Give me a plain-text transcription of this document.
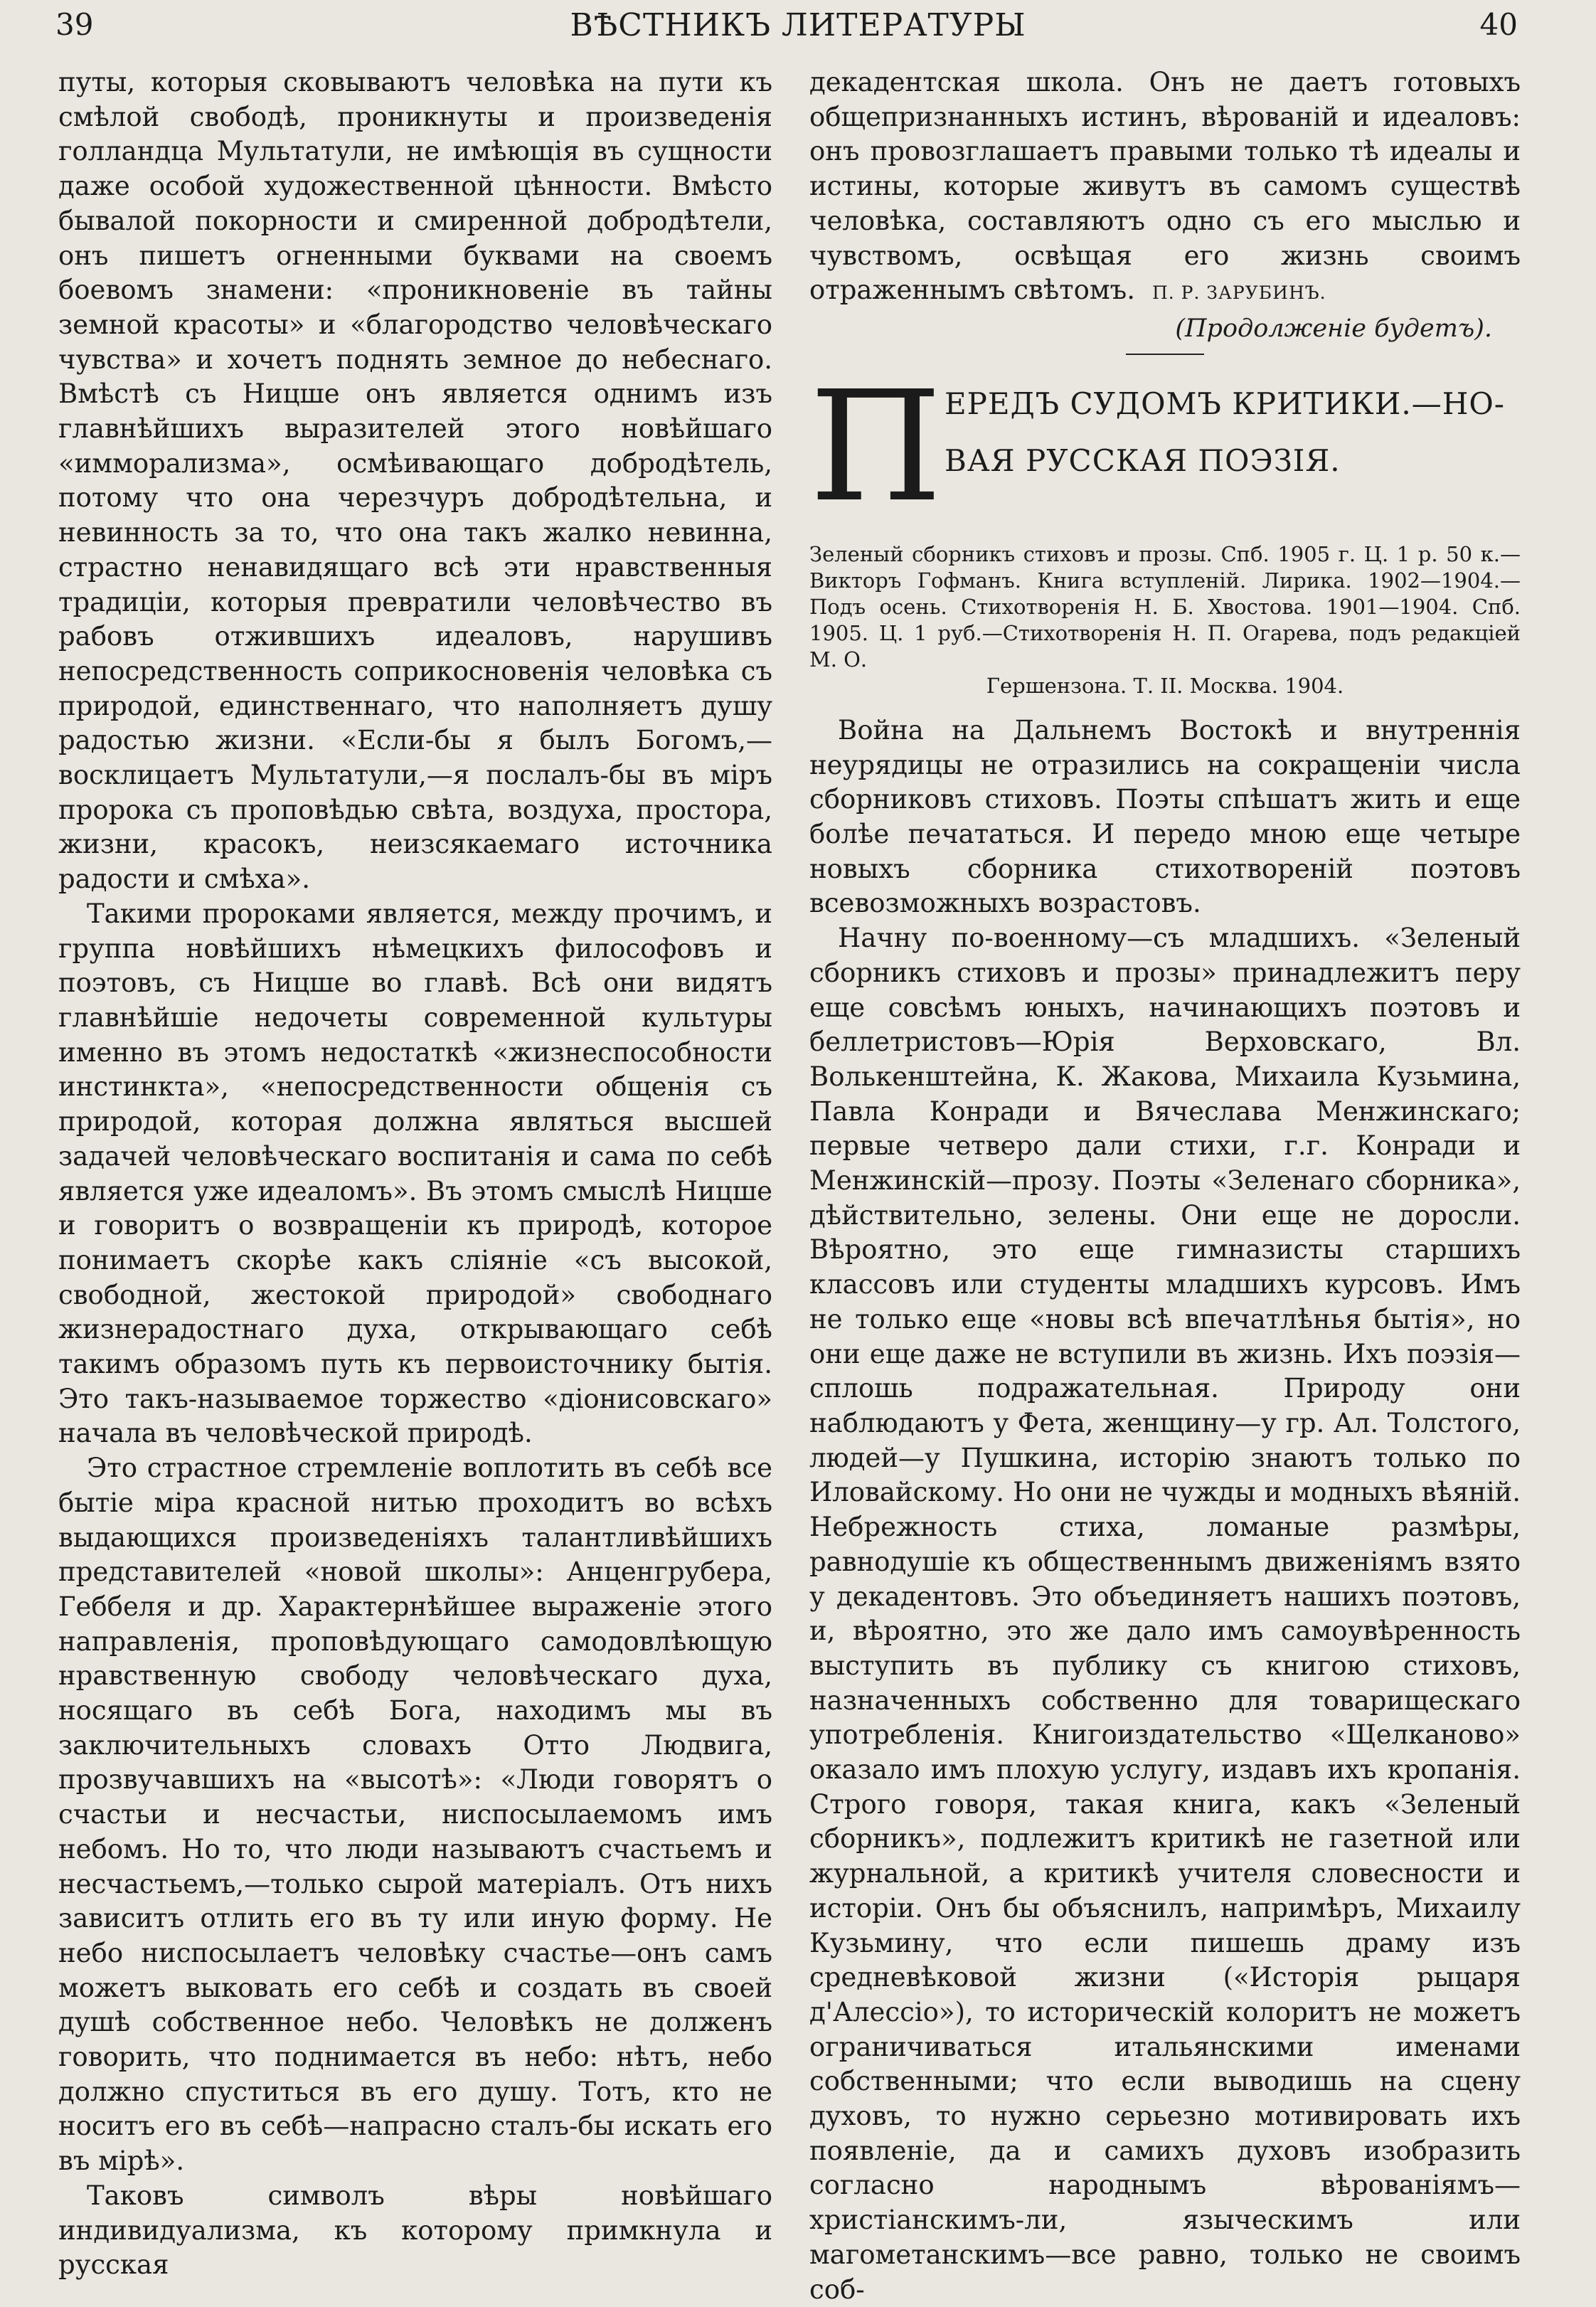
39	ВѢСТНИКЪ ЛИТЕРАТУРЫ	40

путы, которыя сковываютъ человѣка на пути къ смѣлой свободѣ, проникнуты и произведенія голландца Мультатули, не имѣющія въ сущности даже особой художественной цѣнности. Вмѣсто бывалой покорности и смиренной добродѣтели, онъ пишетъ огненными буквами на своемъ боевомъ знамени: «проникновеніе въ тайны земной красоты» и «благородство человѣческаго чувства» и хочетъ поднять земное до небеснаго. Вмѣстѣ съ Ницше онъ является однимъ изъ главнѣйшихъ выразителей этого новѣйшаго «имморализма», осмѣивающаго добродѣтель, потому что она черезчуръ добродѣтельна, и невинность за то, что она такъ жалко невинна, страстно ненавидящаго всѣ эти нравственныя традиціи, которыя превратили человѣчество въ рабовъ отжившихъ идеаловъ, нарушивъ непосредственность соприкосновенія человѣка съ природой, единственнаго, что наполняетъ душу радостью жизни. «Если-бы я былъ Богомъ,—восклицаетъ Мультатули,—я послалъ-бы въ міръ пророка съ проповѣдью свѣта, воздуха, простора, жизни, красокъ, неизсякаемаго источника радости и смѣха».

Такими пророками является, между прочимъ, и группа новѣйшихъ нѣмецкихъ философовъ и поэтовъ, съ Ницше во главѣ. Всѣ они видятъ главнѣйшіе недочеты современной культуры именно въ этомъ недостаткѣ «жизнеспособности инстинкта», «непосредственности общенія съ природой, которая должна являться высшей задачей человѣческаго воспитанія и сама по себѣ является уже идеаломъ». Въ этомъ смыслѣ Ницше и говоритъ о возвращеніи къ природѣ, которое понимаетъ скорѣе какъ сліяніе «съ высокой, свободной, жестокой природой» свободнаго жизнерадостнаго духа, открывающаго себѣ такимъ образомъ путь къ первоисточнику бытія. Это такъ-называемое торжество «діонисовскаго» начала въ человѣческой природѣ.

Это страстное стремленіе воплотить въ себѣ все бытіе міра красной нитью проходитъ во всѣхъ выдающихся произведеніяхъ талантливѣйшихъ представителей «новой школы»: Анценгрубера, Геббеля и др. Характернѣйшее выраженіе этого направленія, проповѣдующаго самодовлѣющую нравственную свободу человѣческаго духа, носящаго въ себѣ Бога, находимъ мы въ заключительныхъ словахъ Отто Людвига, прозвучавшихъ на «высотѣ»: «Люди говорятъ о счастьи и несчастьи, ниспосылаемомъ имъ небомъ. Но то, что люди называютъ счастьемъ и несчастьемъ,—только сырой матеріалъ. Отъ нихъ зависитъ отлить его въ ту или иную форму. Не небо ниспосылаетъ человѣку счастье—онъ самъ можетъ выковать его себѣ и создать въ своей душѣ собственное небо. Человѣкъ не долженъ говорить, что поднимается въ небо: нѣтъ, небо должно спуститься въ его душу. Тотъ, кто не носитъ его въ себѣ—напрасно сталъ-бы искать его въ мірѣ».

Таковъ символъ вѣры новѣйшаго индивидуализма, къ которому примкнула и русская

декадентская школа. Онъ не даетъ готовыхъ общепризнанныхъ истинъ, вѣрованій и идеаловъ: онъ провозглашаетъ правыми только тѣ идеалы и истины, которые живутъ въ самомъ существѣ человѣка, составляютъ одно съ его мыслью и чувствомъ, освѣщая его жизнь своимъ отраженнымъ свѣтомъ. П. Р. ЗАРУБИНЪ.

(Продолженіе будетъ).
П ЕРЕДЪ СУДОМЪ КРИТИКИ.—НО-
ВАЯ РУССКАЯ ПОЭЗІЯ.

Зеленый сборникъ стиховъ и прозы. Спб. 1905 г. Ц. 1 р. 50 к.—Викторъ Гофманъ. Книга вступленій. Лирика. 1902—1904.—Подъ осень. Стихотворенія Н. Б. Хвостова. 1901—1904. Спб. 1905. Ц. 1 руб.—Стихотворенія Н. П. Огарева, подъ редакціей М. О.

Гершензона. Т. II. Москва. 1904.

Война на Дальнемъ Востокѣ и внутреннія неурядицы не отразились на сокращеніи числа сборниковъ стиховъ. Поэты спѣшатъ жить и еще болѣе печататься. И передо мною еще четыре новыхъ сборника стихотвореній поэтовъ всевозможныхъ возрастовъ.

Начну по-военному—съ младшихъ. «Зеленый сборникъ стиховъ и прозы» принадлежитъ перу еще совсѣмъ юныхъ, начинающихъ поэтовъ и беллетристовъ—Юрія Верховскаго, Вл. Волькенштейна, К. Жакова, Михаила Кузьмина, Павла Конради и Вячеслава Менжинскаго; первые четверо дали стихи, г.г. Конради и Менжинскій—прозу. Поэты «Зеленаго сборника», дѣйствительно, зелены. Они еще не доросли. Вѣроятно, это еще гимназисты старшихъ классовъ или студенты младшихъ курсовъ. Имъ не только еще «новы всѣ впечатлѣнья бытія», но они еще даже не вступили въ жизнь. Ихъ поэзія—сплошь подражательная. Природу они наблюдаютъ у Фета, женщину—у гр. Ал. Толстого, людей—у Пушкина, исторію знаютъ только по Иловайскому. Но они не чужды и модныхъ вѣяній. Небрежность стиха, ломаные размѣры, равнодушіе къ общественнымъ движеніямъ взято у декадентовъ. Это объединяетъ нашихъ поэтовъ, и, вѣроятно, это же дало имъ самоувѣренность выступить въ публику съ книгою стиховъ, назначенныхъ собственно для товарищескаго употребленія. Книгоиздательство «Щелканово» оказало имъ плохую услугу, издавъ ихъ кропанія. Строго говоря, такая книга, какъ «Зеленый сборникъ», подлежитъ критикѣ не газетной или журнальной, а критикѣ учителя словесности и исторіи. Онъ бы объяснилъ, напримѣръ, Михаилу Кузьмину, что если пишешь драму изъ средневѣковой жизни («Исторія рыцаря д'Алессіо»), то историческій колоритъ не можетъ ограничиваться итальянскими именами собственными; что если выводишь на сцену духовъ, то нужно серьезно мотивировать ихъ появленіе, да и самихъ духовъ изобразить согласно народнымъ вѣрованіямъ—христіанскимъ-ли, языческимъ или магометанскимъ—все равно, только не своимъ соб-
